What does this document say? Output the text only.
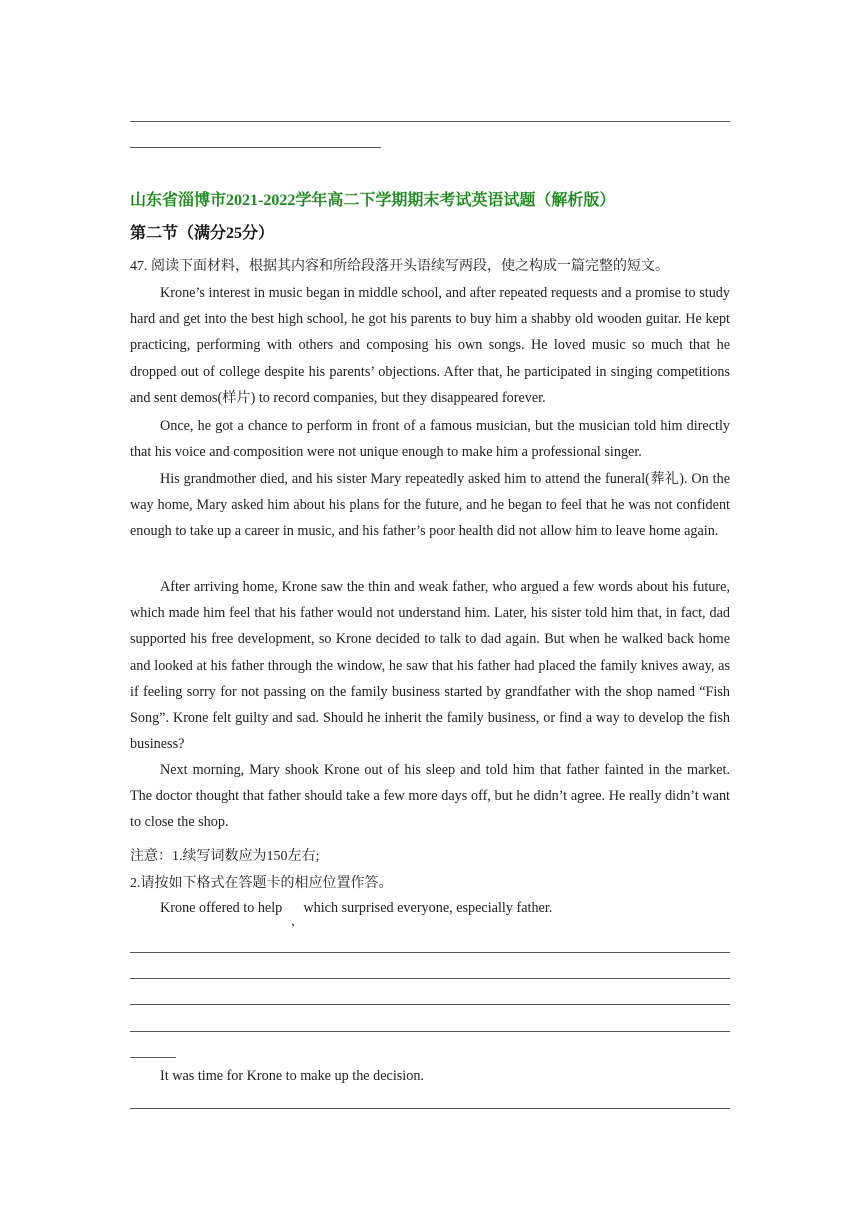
山东省淄博市2021-2022学年高二下学期期末考试英语试题（解析版）
第二节（满分25分）
47. 阅读下面材料，根据其内容和所给段落开头语续写两段，使之构成一篇完整的短文。
Krone’s interest in music began in middle school, and after repeated requests and a promise to study hard and get into the best high school, he got his parents to buy him a shabby old wooden guitar. He kept practicing, performing with others and composing his own songs. He loved music so much that he dropped out of college despite his parents’ objections. After that, he participated in singing competitions and sent demos(样片) to record companies, but they disappeared forever.
Once, he got a chance to perform in front of a famous musician, but the musician told him directly that his voice and composition were not unique enough to make him a professional singer.
His grandmother died, and his sister Mary repeatedly asked him to attend the funeral(葬礼). On the way home, Mary asked him about his plans for the future, and he began to feel that he was not confident enough to take up a career in music, and his father’s poor health did not allow him to leave home again.
After arriving home, Krone saw the thin and weak father, who argued a few words about his future, which made him feel that his father would not understand him. Later, his sister told him that, in fact, dad supported his free development, so Krone decided to talk to dad again. But when he walked back home and looked at his father through the window, he saw that his father had placed the family knives away, as if feeling sorry for not passing on the family business started by grandfather with the shop named “Fish Song”. Krone felt guilty and sad. Should he inherit the family business, or find a way to develop the fish business?
Next morning, Mary shook Krone out of his sleep and told him that father fainted in the market. The doctor thought that father should take a few more days off, but he didn’t agree. He really didn’t want to close the shop.
注意：1.续写词数应为150左右;
2.请按如下格式在答题卡的相应位置作答。
Krone offered to help which surprised everyone, especially father.
，
It was time for Krone to make up the decision.
